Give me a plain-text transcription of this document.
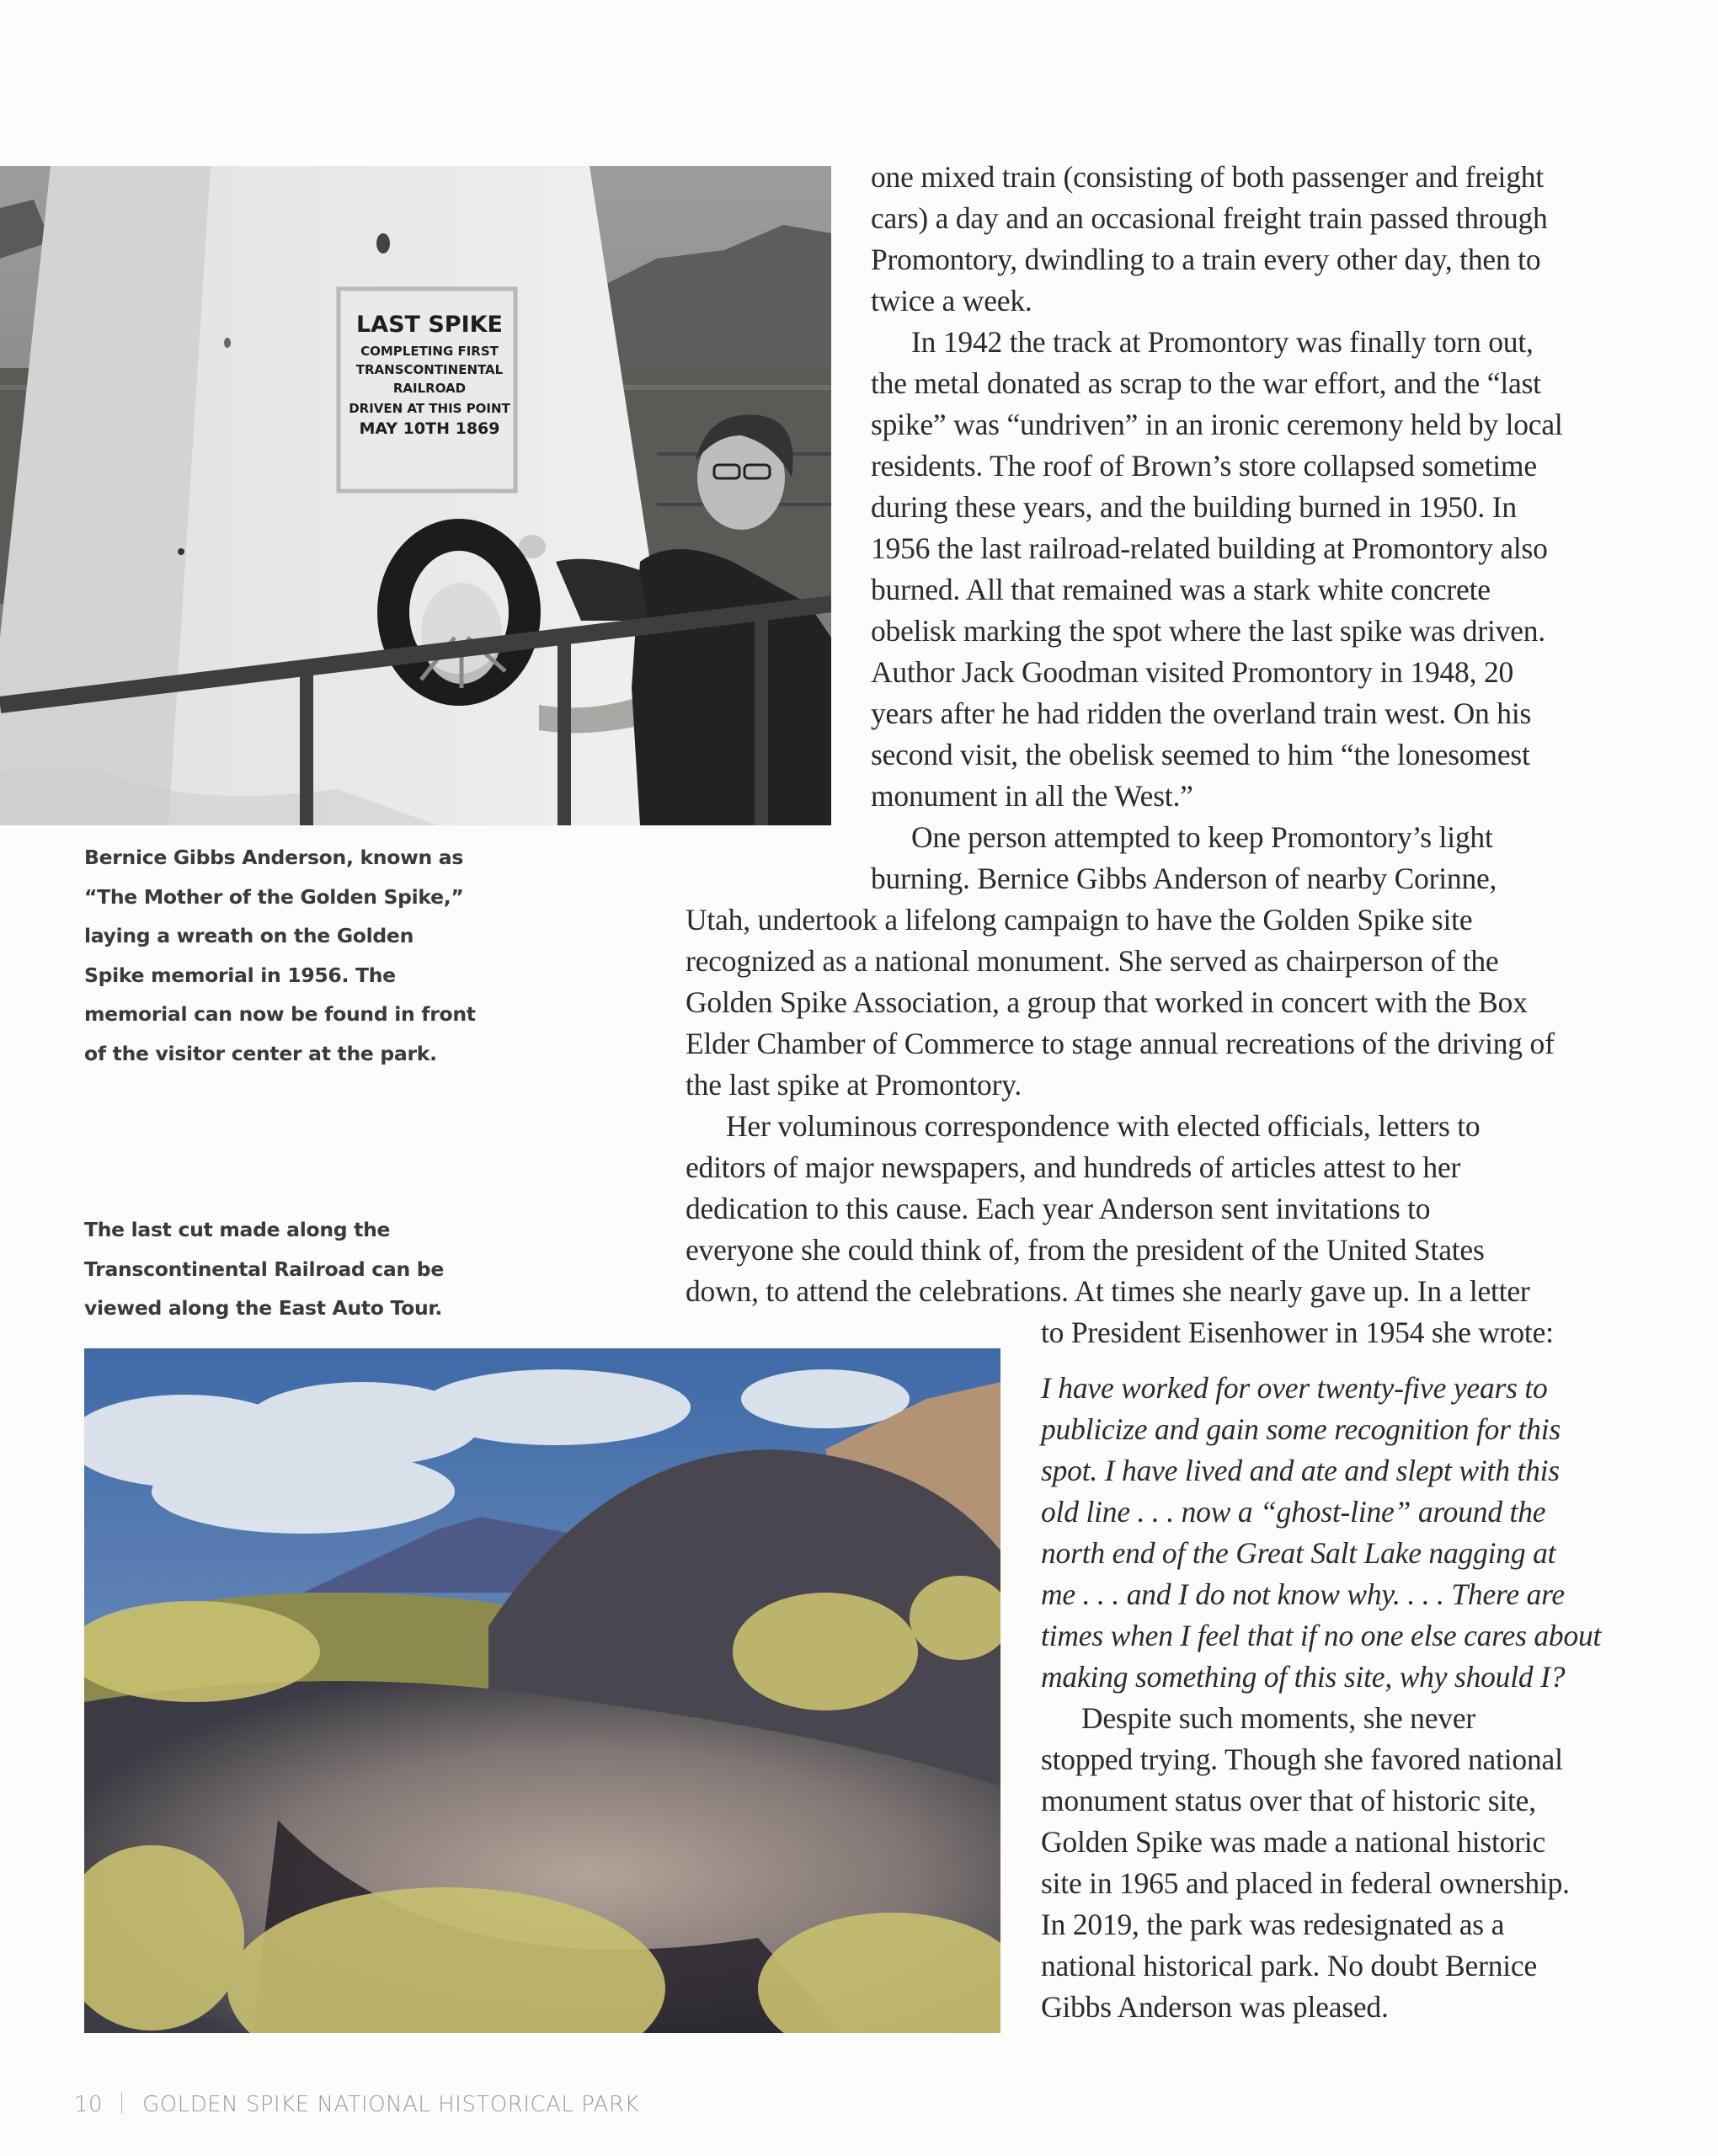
LAST SPIKE
COMPLETING FIRST
TRANSCONTINENTAL
RAILROAD
DRIVEN AT THIS POINT
MAY 10TH 1869
Bernice Gibbs Anderson, known as
“The Mother of the Golden Spike,”
laying a wreath on the Golden
Spike memorial in 1956. The
memorial can now be found in front
of the visitor center at the park.
The last cut made along the
Transcontinental Railroad can be
viewed along the East Auto Tour.
one mixed train (consisting of both passenger and freight
cars) a day and an occasional freight train passed through
Promontory, dwindling to a train every other day, then to
twice a week.
In 1942 the track at Promontory was finally torn out,
the metal donated as scrap to the war effort, and the “last
spike” was “undriven” in an ironic ceremony held by local
residents. The roof of Brown’s store collapsed sometime
during these years, and the building burned in 1950. In
1956 the last railroad-related building at Promontory also
burned. All that remained was a stark white concrete
obelisk marking the spot where the last spike was driven.
Author Jack Goodman visited Promontory in 1948, 20
years after he had ridden the overland train west. On his
second visit, the obelisk seemed to him “the lonesomest
monument in all the West.”
One person attempted to keep Promontory’s light
burning. Bernice Gibbs Anderson of nearby Corinne,
Utah, undertook a lifelong campaign to have the Golden Spike site
recognized as a national monument. She served as chairperson of the
Golden Spike Association, a group that worked in concert with the Box
Elder Chamber of Commerce to stage annual recreations of the driving of
the last spike at Promontory.
Her voluminous correspondence with elected officials, letters to
editors of major newspapers, and hundreds of articles attest to her
dedication to this cause. Each year Anderson sent invitations to
everyone she could think of, from the president of the United States
down, to attend the celebrations. At times she nearly gave up. In a letter
to President Eisenhower in 1954 she wrote:
I have worked for over twenty-five years to
publicize and gain some recognition for this
spot. I have lived and ate and slept with this
old line . . . now a “ghost-line” around the
north end of the Great Salt Lake nagging at
me . . . and I do not know why. . . . There are
times when I feel that if no one else cares about
making something of this site, why should I?
Despite such moments, she never
stopped trying. Though she favored national
monument status over that of historic site,
Golden Spike was made a national historic
site in 1965 and placed in federal ownership.
In 2019, the park was redesignated as a
national historical park. No doubt Bernice
Gibbs Anderson was pleased.
10 GOLDEN SPIKE NATIONAL HISTORICAL PARK
